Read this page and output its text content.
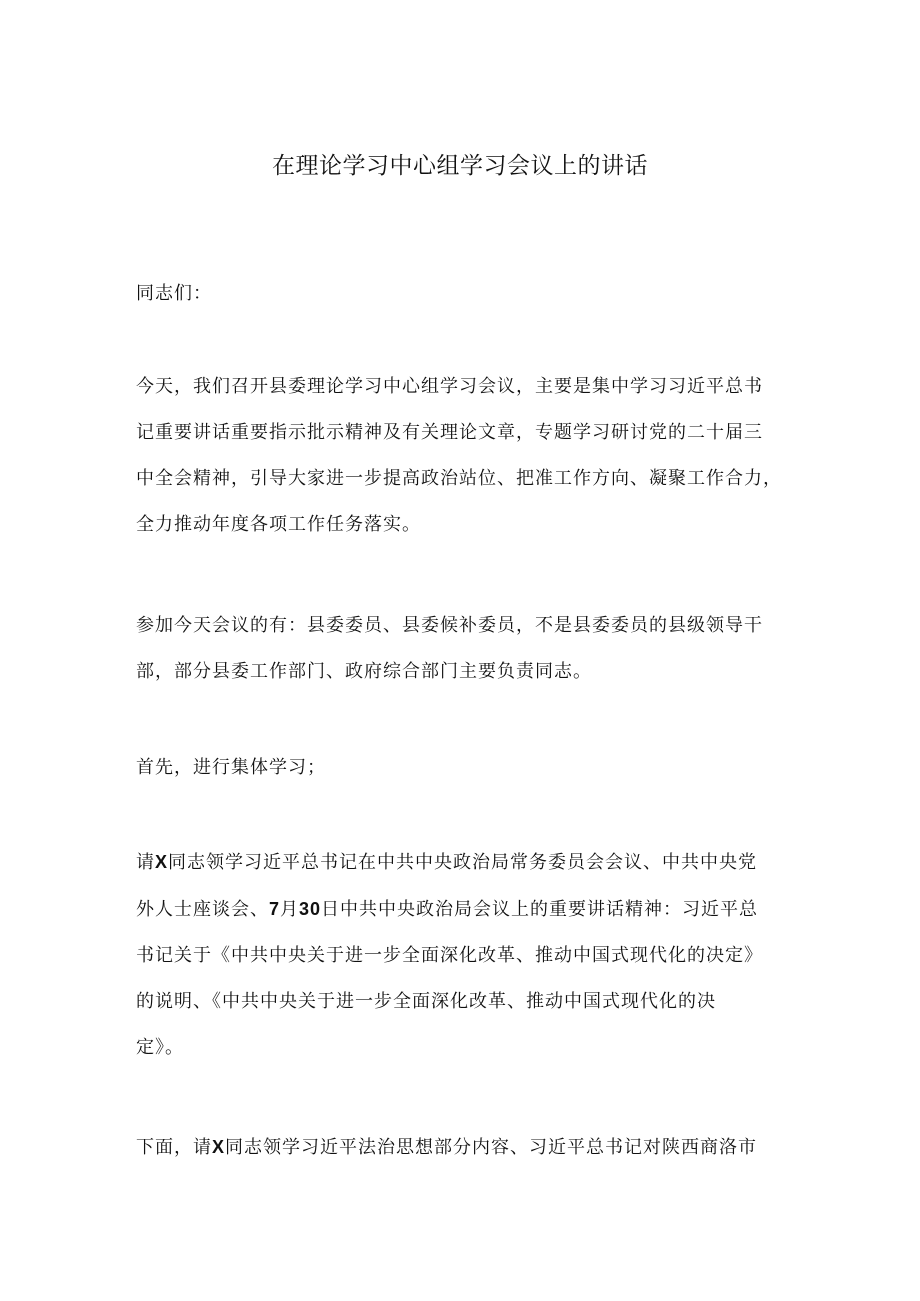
在理论学习中心组学习会议上的讲话

同志们：

今天，我们召开县委理论学习中心组学习会议，主要是集中学习习近平总书
记重要讲话重要指示批示精神及有关理论文章，专题学习研讨党的二十届三
中全会精神，引导大家进一步提高政治站位、把准工作方向、凝聚工作合力，
全力推动年度各项工作任务落实。

参加今天会议的有：县委委员、县委候补委员，不是县委委员的县级领导干
部，部分县委工作部门、政府综合部门主要负责同志。

首先，进行集体学习；

请X同志领学习近平总书记在中共中央政治局常务委员会会议、中共中央党
外人士座谈会、7月30日中共中央政治局会议上的重要讲话精神：习近平总
书记关于《中共中央关于进一步全面深化改革、推动中国式现代化的决定》
的说明、《中共中央关于进一步全面深化改革、推动中国式现代化的决
定》。

下面，请X同志领学习近平法治思想部分内容、习近平总书记对陕西商洛市
